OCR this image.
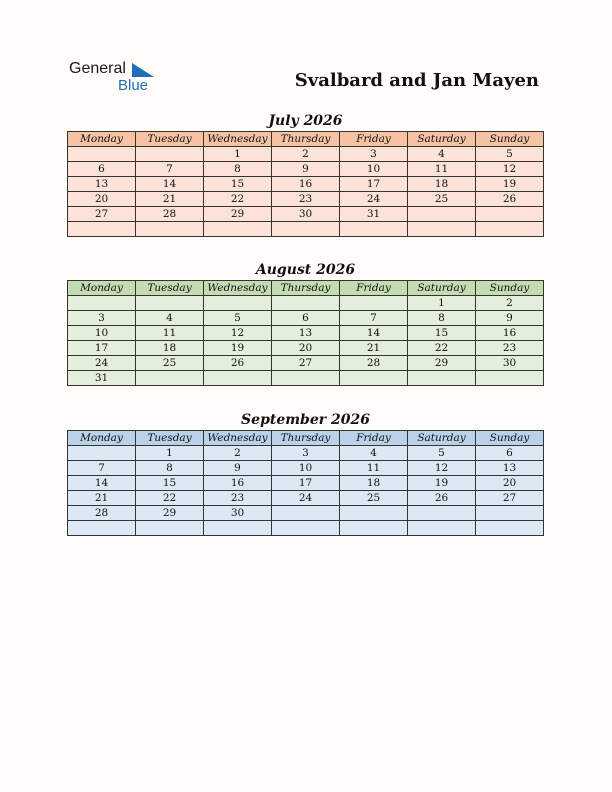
General
Blue	Svalbard and Jan Mayen
July 2026
Monday	Tuesday	Wednesday	Thursday	Friday	Saturday	Sunday
		1	2	3	4	5
6	7	8	9	10	11	12
13	14	15	16	17	18	19
20	21	22	23	24	25	26
27	28	29	30	31		

August 2026
Monday	Tuesday	Wednesday	Thursday	Friday	Saturday	Sunday
					1	2
3	4	5	6	7	8	9
10	11	12	13	14	15	16
17	18	19	20	21	22	23
24	25	26	27	28	29	30
31						
September 2026
Monday	Tuesday	Wednesday	Thursday	Friday	Saturday	Sunday
	1	2	3	4	5	6
7	8	9	10	11	12	13
14	15	16	17	18	19	20
21	22	23	24	25	26	27
28	29	30				
